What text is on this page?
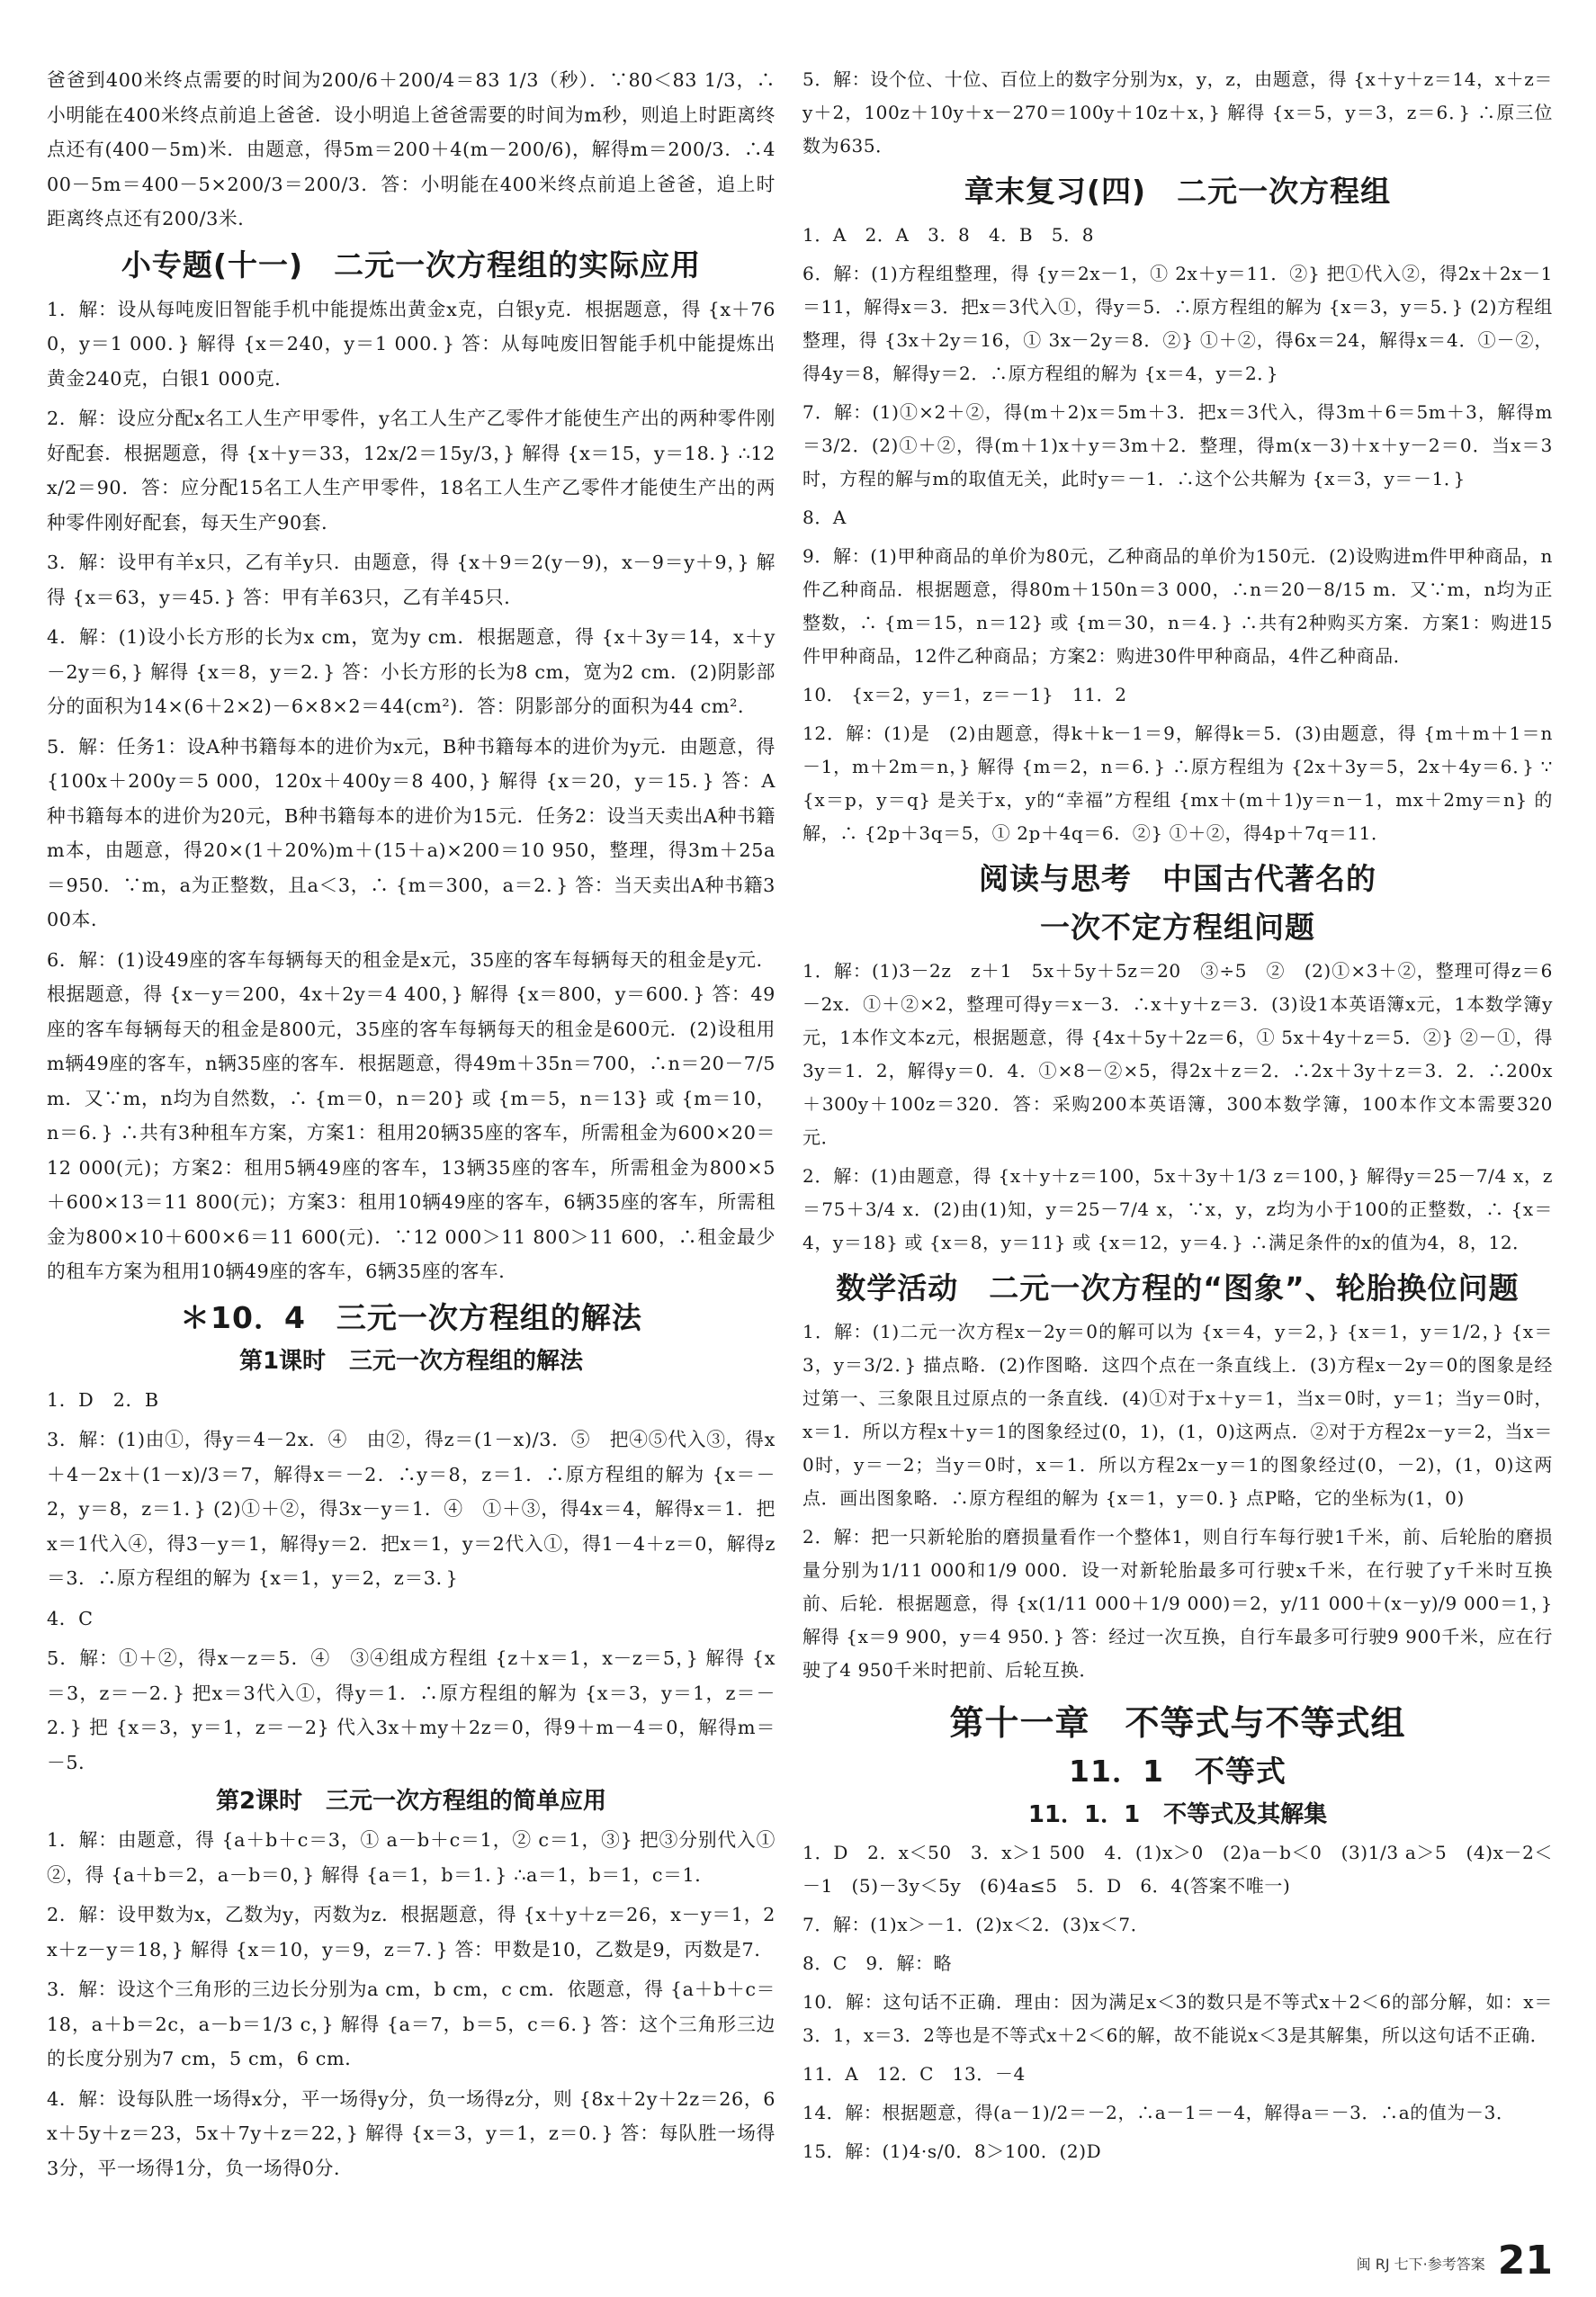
爸爸到400米终点需要的时间为200/6＋200/4＝83 1/3（秒）．∵80＜83 1/3，∴小明能在400米终点前追上爸爸．设小明追上爸爸需要的时间为m秒，则追上时距离终点还有(400－5m)米．由题意，得5m＝200＋4(m－200/6)，解得m＝200/3．∴400－5m＝400－5×200/3＝200/3．答：小明能在400米终点前追上爸爸，追上时距离终点还有200/3米．

小专题(十一)　二元一次方程组的实际应用

1．解：设从每吨废旧智能手机中能提炼出黄金x克，白银y克．根据题意，得 {x＋760，y＝1 000．} 解得 {x＝240，y＝1 000．} 答：从每吨废旧智能手机中能提炼出黄金240克，白银1 000克．

2．解：设应分配x名工人生产甲零件，y名工人生产乙零件才能使生产出的两种零件刚好配套．根据题意，得 {x＋y＝33，12x/2＝15y/3，} 解得 {x＝15，y＝18．} ∴12x/2＝90．答：应分配15名工人生产甲零件，18名工人生产乙零件才能使生产出的两种零件刚好配套，每天生产90套．

3．解：设甲有羊x只，乙有羊y只．由题意，得 {x＋9＝2(y－9)，x－9＝y＋9，} 解得 {x＝63，y＝45．} 答：甲有羊63只，乙有羊45只．

4．解：(1)设小长方形的长为x cm，宽为y cm．根据题意，得 {x＋3y＝14，x＋y－2y＝6，} 解得 {x＝8，y＝2．} 答：小长方形的长为8 cm，宽为2 cm．(2)阴影部分的面积为14×(6＋2×2)－6×8×2＝44(cm²)．答：阴影部分的面积为44 cm²．

5．解：任务1：设A种书籍每本的进价为x元，B种书籍每本的进价为y元．由题意，得 {100x＋200y＝5 000，120x＋400y＝8 400，} 解得 {x＝20，y＝15．} 答：A种书籍每本的进价为20元，B种书籍每本的进价为15元．任务2：设当天卖出A种书籍m本，由题意，得20×(1＋20%)m＋(15＋a)×200＝10 950，整理，得3m＋25a＝950．∵m，a为正整数，且a＜3，∴ {m＝300，a＝2．} 答：当天卖出A种书籍300本．

6．解：(1)设49座的客车每辆每天的租金是x元，35座的客车每辆每天的租金是y元．根据题意，得 {x－y＝200，4x＋2y＝4 400，} 解得 {x＝800，y＝600．} 答：49座的客车每辆每天的租金是800元，35座的客车每辆每天的租金是600元．(2)设租用m辆49座的客车，n辆35座的客车．根据题意，得49m＋35n＝700，∴n＝20－7/5 m．又∵m，n均为自然数，∴ {m＝0，n＝20} 或 {m＝5，n＝13} 或 {m＝10，n＝6．} ∴共有3种租车方案，方案1：租用20辆35座的客车，所需租金为600×20＝12 000(元)；方案2：租用5辆49座的客车，13辆35座的客车，所需租金为800×5＋600×13＝11 800(元)；方案3：租用10辆49座的客车，6辆35座的客车，所需租金为800×10＋600×6＝11 600(元)．∵12 000＞11 800＞11 600，∴租金最少的租车方案为租用10辆49座的客车，6辆35座的客车．

＊10．4　三元一次方程组的解法
第1课时　三元一次方程组的解法

1．D　2．B

3．解：(1)由①，得y＝4－2x．④　由②，得z＝(1－x)/3．⑤　把④⑤代入③，得x＋4－2x＋(1－x)/3＝7，解得x＝－2．∴y＝8，z＝1．∴原方程组的解为 {x＝－2，y＝8，z＝1．} (2)①＋②，得3x－y＝1．④　①＋③，得4x＝4，解得x＝1．把x＝1代入④，得3－y＝1，解得y＝2．把x＝1，y＝2代入①，得1－4＋z＝0，解得z＝3．∴原方程组的解为 {x＝1，y＝2，z＝3．}

4．C

5．解：①＋②，得x－z＝5．④　③④组成方程组 {z＋x＝1，x－z＝5，} 解得 {x＝3，z＝－2．} 把x＝3代入①，得y＝1．∴原方程组的解为 {x＝3，y＝1，z＝－2．} 把 {x＝3，y＝1，z＝－2} 代入3x＋my＋2z＝0，得9＋m－4＝0，解得m＝－5．

第2课时　三元一次方程组的简单应用

1．解：由题意，得 {a＋b＋c＝3，① a－b＋c＝1，② c＝1，③} 把③分别代入①②，得 {a＋b＝2，a－b＝0，} 解得 {a＝1，b＝1．} ∴a＝1，b＝1，c＝1．

2．解：设甲数为x，乙数为y，丙数为z．根据题意，得 {x＋y＋z＝26，x－y＝1，2x＋z－y＝18，} 解得 {x＝10，y＝9，z＝7．} 答：甲数是10，乙数是9，丙数是7．

3．解：设这个三角形的三边长分别为a cm，b cm，c cm．依题意，得 {a＋b＋c＝18，a＋b＝2c，a－b＝1/3 c，} 解得 {a＝7，b＝5，c＝6．} 答：这个三角形三边的长度分别为7 cm，5 cm，6 cm．

4．解：设每队胜一场得x分，平一场得y分，负一场得z分，则 {8x＋2y＋2z＝26，6x＋5y＋z＝23，5x＋7y＋z＝22，} 解得 {x＝3，y＝1，z＝0．} 答：每队胜一场得3分，平一场得1分，负一场得0分．

5．解：设个位、十位、百位上的数字分别为x，y，z，由题意，得 {x＋y＋z＝14，x＋z＝y＋2，100z＋10y＋x－270＝100y＋10z＋x，} 解得 {x＝5，y＝3，z＝6．} ∴原三位数为635．

章末复习(四)　二元一次方程组

1．A　2．A　3．8　4．B　5．8

6．解：(1)方程组整理，得 {y＝2x－1，① 2x＋y＝11．②} 把①代入②，得2x＋2x－1＝11，解得x＝3．把x＝3代入①，得y＝5．∴原方程组的解为 {x＝3，y＝5．} (2)方程组整理，得 {3x＋2y＝16，① 3x－2y＝8．②} ①＋②，得6x＝24，解得x＝4．①－②，得4y＝8，解得y＝2．∴原方程组的解为 {x＝4，y＝2．}

7．解：(1)①×2＋②，得(m＋2)x＝5m＋3．把x＝3代入，得3m＋6＝5m＋3，解得m＝3/2．(2)①＋②，得(m＋1)x＋y＝3m＋2．整理，得m(x－3)＋x＋y－2＝0．当x＝3时，方程的解与m的取值无关，此时y＝－1．∴这个公共解为 {x＝3，y＝－1．}

8．A

9．解：(1)甲种商品的单价为80元，乙种商品的单价为150元．(2)设购进m件甲种商品，n件乙种商品．根据题意，得80m＋150n＝3 000，∴n＝20－8/15 m．又∵m，n均为正整数，∴ {m＝15，n＝12} 或 {m＝30，n＝4．} ∴共有2种购买方案．方案1：购进15件甲种商品，12件乙种商品；方案2：购进30件甲种商品，4件乙种商品．

10． {x＝2，y＝1，z＝－1}　11．2

12．解：(1)是　(2)由题意，得k＋k－1＝9，解得k＝5．(3)由题意，得 {m＋m＋1＝n－1，m＋2m＝n，} 解得 {m＝2，n＝6．} ∴原方程组为 {2x＋3y＝5，2x＋4y＝6．} ∵ {x＝p，y＝q} 是关于x，y的“幸福”方程组 {mx＋(m＋1)y＝n－1，mx＋2my＝n} 的解，∴ {2p＋3q＝5，① 2p＋4q＝6．②} ①＋②，得4p＋7q＝11．

阅读与思考　中国古代著名的
一次不定方程组问题

1．解：(1)3－2z　z＋1　5x＋5y＋5z＝20　③÷5　②　(2)①×3＋②，整理可得z＝6－2x．①＋②×2，整理可得y＝x－3．∴x＋y＋z＝3．(3)设1本英语簿x元，1本数学簿y元，1本作文本z元，根据题意，得 {4x＋5y＋2z＝6，① 5x＋4y＋z＝5．②} ②－①，得3y＝1．2，解得y＝0．4．①×8－②×5，得2x＋z＝2．∴2x＋3y＋z＝3．2．∴200x＋300y＋100z＝320．答：采购200本英语簿，300本数学簿，100本作文本需要320元．

2．解：(1)由题意，得 {x＋y＋z＝100，5x＋3y＋1/3 z＝100，} 解得y＝25－7/4 x，z＝75＋3/4 x．(2)由(1)知，y＝25－7/4 x，∵x，y，z均为小于100的正整数，∴ {x＝4，y＝18} 或 {x＝8，y＝11} 或 {x＝12，y＝4．} ∴满足条件的x的值为4，8，12．

数学活动　二元一次方程的“图象”、轮胎换位问题

1．解：(1)二元一次方程x－2y＝0的解可以为 {x＝4，y＝2，} {x＝1，y＝1/2，} {x＝3，y＝3/2．} 描点略．(2)作图略．这四个点在一条直线上．(3)方程x－2y＝0的图象是经过第一、三象限且过原点的一条直线．(4)①对于x＋y＝1，当x＝0时，y＝1；当y＝0时，x＝1．所以方程x＋y＝1的图象经过(0，1)，(1，0)这两点．②对于方程2x－y＝2，当x＝0时，y＝－2；当y＝0时，x＝1．所以方程2x－y＝1的图象经过(0，－2)，(1，0)这两点．画出图象略．∴原方程组的解为 {x＝1，y＝0．} 点P略，它的坐标为(1，0)

2．解：把一只新轮胎的磨损量看作一个整体1，则自行车每行驶1千米，前、后轮胎的磨损量分别为1/11 000和1/9 000．设一对新轮胎最多可行驶x千米，在行驶了y千米时互换前、后轮．根据题意，得 {x(1/11 000＋1/9 000)＝2，y/11 000＋(x－y)/9 000＝1，} 解得 {x＝9 900，y＝4 950．} 答：经过一次互换，自行车最多可行驶9 900千米，应在行驶了4 950千米时把前、后轮互换．

第十一章　不等式与不等式组
11．1　不等式
11．1．1　不等式及其解集

1．D　2．x＜50　3．x＞1 500　4．(1)x＞0　(2)a－b＜0　(3)1/3 a＞5　(4)x－2＜－1　(5)－3y＜5y　(6)4a≤5　5．D　6．4(答案不唯一)

7．解：(1)x＞－1．(2)x＜2．(3)x＜7．

8．C　9．解：略

10．解：这句话不正确．理由：因为满足x＜3的数只是不等式x＋2＜6的部分解，如：x＝3．1，x＝3．2等也是不等式x＋2＜6的解，故不能说x＜3是其解集，所以这句话不正确．

11．A　12．C　13．－4

14．解：根据题意，得(a－1)/2＝－2，∴a－1＝－4，解得a＝－3．∴a的值为－3．

15．解：(1)4·s/0．8＞100．(2)D

闽 RJ 七下·参考答案 21
